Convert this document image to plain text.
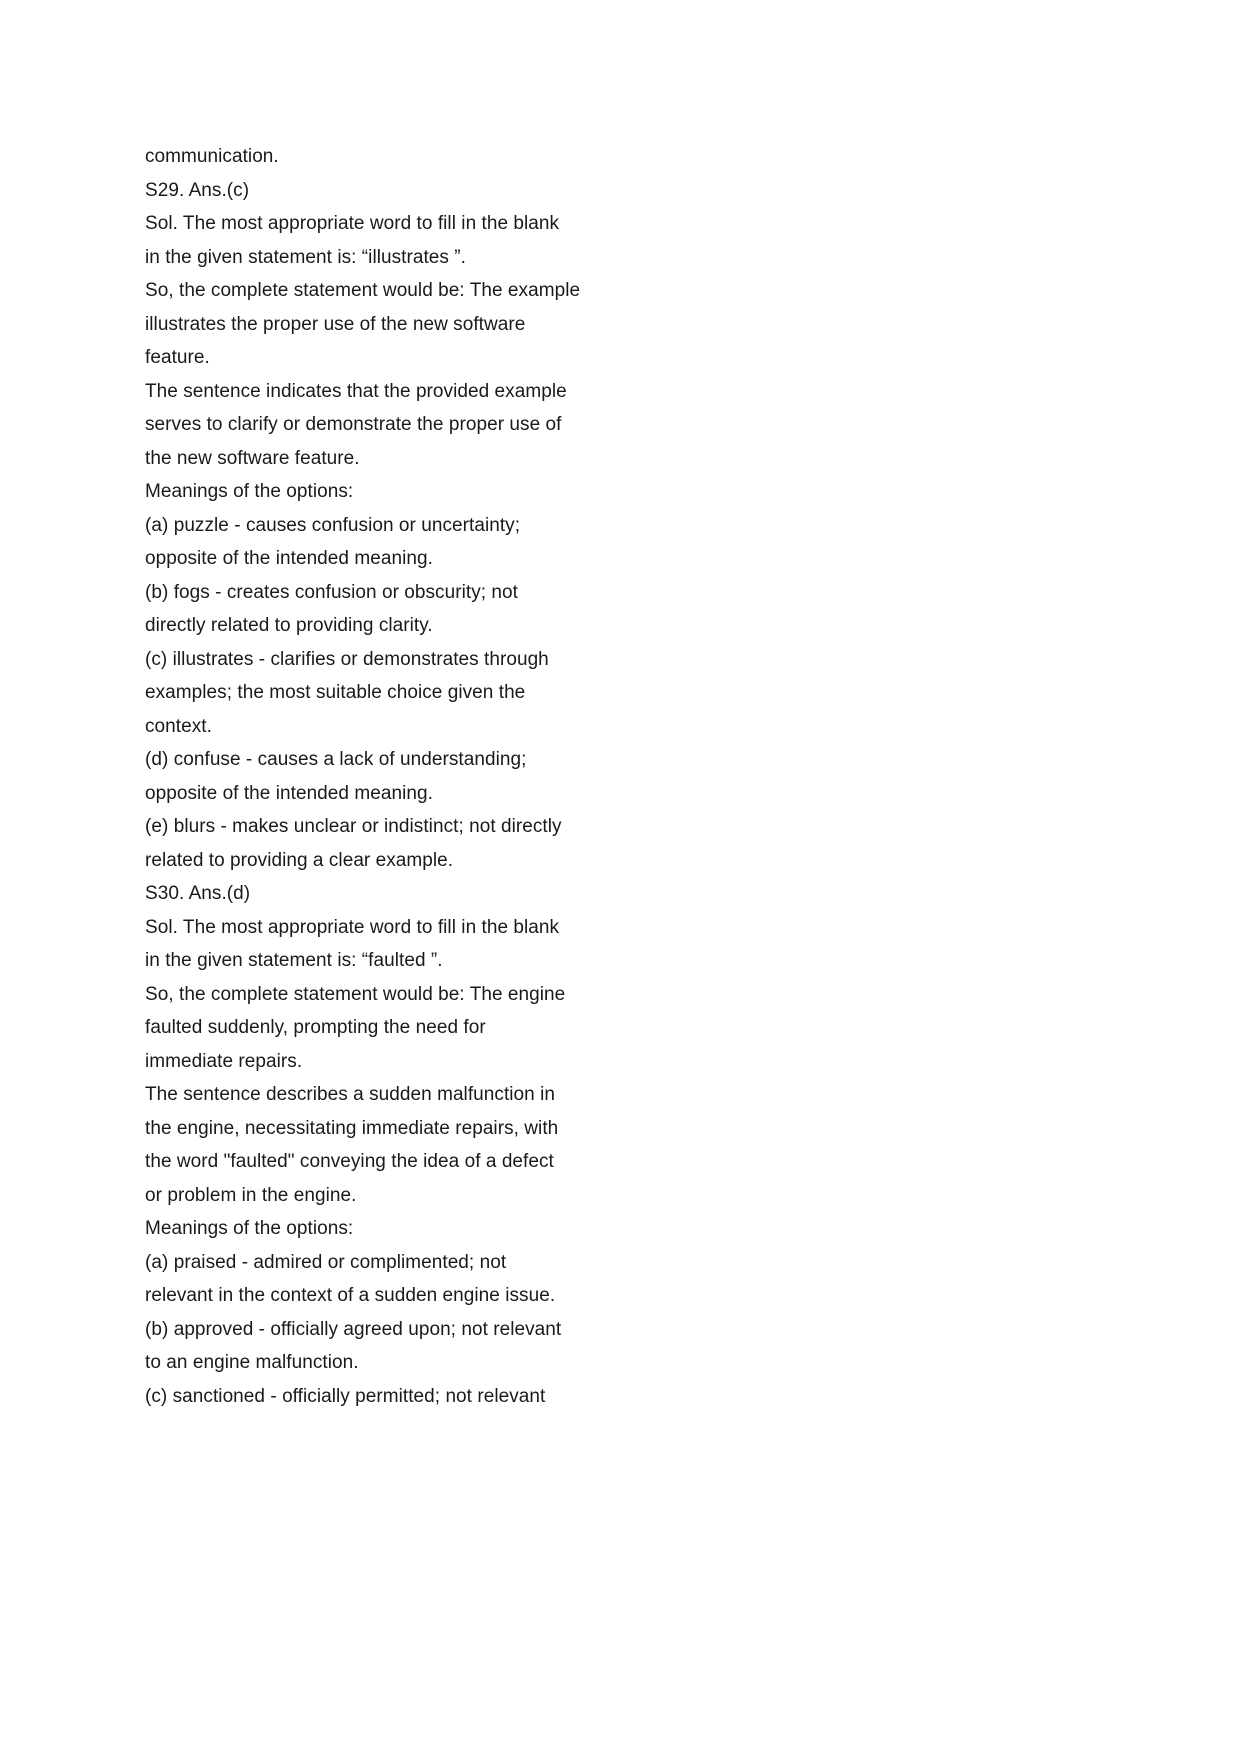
communication.
S29. Ans.(c)
Sol. The most appropriate word to fill in the blank
in the given statement is: “illustrates ”.
So, the complete statement would be: The example
illustrates the proper use of the new software
feature.
The sentence indicates that the provided example
serves to clarify or demonstrate the proper use of
the new software feature.
Meanings of the options:
(a) puzzle - causes confusion or uncertainty;
opposite of the intended meaning.
(b) fogs - creates confusion or obscurity; not
directly related to providing clarity.
(c) illustrates - clarifies or demonstrates through
examples; the most suitable choice given the
context.
(d) confuse - causes a lack of understanding;
opposite of the intended meaning.
(e) blurs - makes unclear or indistinct; not directly
related to providing a clear example.
S30. Ans.(d)
Sol. The most appropriate word to fill in the blank
in the given statement is: “faulted ”.
So, the complete statement would be: The engine
faulted suddenly, prompting the need for
immediate repairs.
The sentence describes a sudden malfunction in
the engine, necessitating immediate repairs, with
the word "faulted" conveying the idea of a defect
or problem in the engine.
Meanings of the options:
(a) praised - admired or complimented; not
relevant in the context of a sudden engine issue.
(b) approved - officially agreed upon; not relevant
to an engine malfunction.
(c) sanctioned - officially permitted; not relevant
